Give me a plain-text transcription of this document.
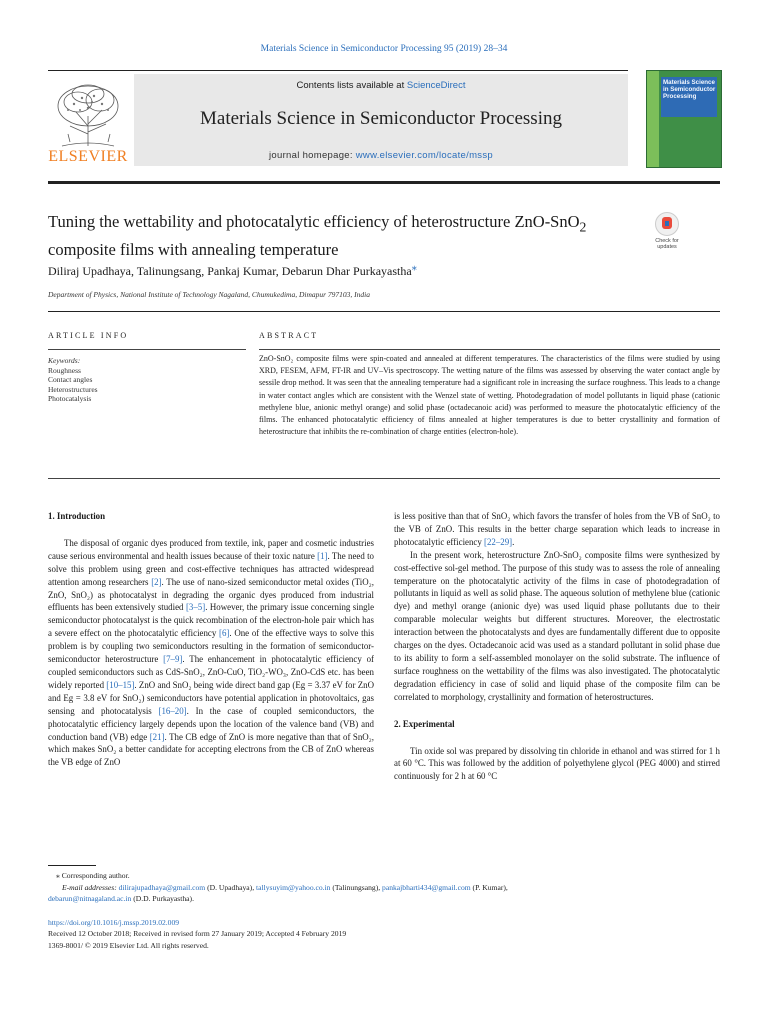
Materials Science in Semiconductor Processing 95 (2019) 28–34
ELSEVIER
Contents lists available at ScienceDirect
Materials Science in Semiconductor Processing
journal homepage: www.elsevier.com/locate/mssp
Materials Science in Semiconductor Processing
Tuning the wettability and photocatalytic efficiency of heterostructure ZnO-SnO$_2$ composite films with annealing temperature	Check for updates
Diliraj Upadhaya, Talinungsang, Pankaj Kumar, Debarun Dhar Purkayastha⁎
Department of Physics, National Institute of Technology Nagaland, Chumukedima, Dimapur 797103, India
ARTICLE INFO	ABSTRACT
Keywords:
Roughness
Contact angles
Heterostructures
Photocatalysis
ZnO-SnO₂ composite films were spin-coated and annealed at different temperatures. The characteristics of the films were studied by using XRD, FESEM, AFM, FT-IR and UV–Vis spectroscopy. The wetting nature of the films was assessed by observing the water contact angle by sessile drop method. It was seen that the annealing temperature had a significant role in increasing the surface roughness. This leads to a change in water contact angles which are consistent with the Wenzel state of wetting. Photodegradation of model pollutants in liquid phase (cationic methylene blue, anionic methyl orange) and solid phase (octadecanoic acid) was performed to measure the photocatalytic efficiency of the films. The enhanced photocatalytic efficiency of films annealed at higher temperatures is due to better crystallinity and formation of heterostructure that inhibits the re-combination of charge entities (electron-hole).
1. Introduction

The disposal of organic dyes produced from textile, ink, paper and cosmetic industries cause serious environmental and health issues because of their toxic nature [1]. The need to solve this problem using green and cost-effective techniques has attracted widespread attention among researchers [2]. The use of nano-sized semiconductor metal oxides (TiO₂, ZnO, SnO₂) as photocatalyst in degrading the organic dyes produced from industrial effluents has been extensively studied [3–5]. However, the primary issue concerning single semiconductor photocatalyst is the quick recombination of the electron-hole pair which has a severe effect on the photocatalytic efficiency [6]. One of the effective ways to solve this problem is by coupling two semiconductors resulting in the formation of semiconductor-semiconductor heterostructure [7–9]. The enhancement in photocatalytic efficiency of coupled semiconductors such as CdS-SnO₂, ZnO-CuO, TiO₂-WO₃, ZnO-CdS etc. has been widely reported [10–15]. ZnO and SnO₂ being wide direct band gap (Eg = 3.37 eV for ZnO and Eg = 3.8 eV for SnO₂) semiconductors have potential application in photovoltaics, gas sensing and photocatalysis [16–20]. In the case of coupled semiconductors, the photocatalytic efficiency largely depends upon the location of the valence band (VB) and conduction band (VB) edge [21]. The CB edge of ZnO is more negative than that of SnO₂, which makes SnO₂ a better candidate for accepting electrons from the CB of ZnO whereas the VB edge of ZnO

is less positive than that of SnO₂ which favors the transfer of holes from the VB of SnO₂ to the VB of ZnO. This results in the better charge separation which leads to increase in photocatalytic efficiency [22–29].

In the present work, heterostructure ZnO-SnO₂ composite films were synthesized by cost-effective sol-gel method. The purpose of this study was to assess the role of annealing temperature on the photocatalytic activity of the films in case of photodegradation of pollutants in liquid as well as solid phase. The aqueous solution of methylene blue (cationic dye) and methyl orange (anionic dye) was used liquid phase pollutants due to their comparable molecular weights but different structures. Moreover, the electrostatic interaction between the photocatalysts and dyes are fundamentally different due to opposite charges on the dyes. Octadecanoic acid was used as a standard pollutant in solid phase due to its ability to form a self-assembled monolayer on the solid substrate. The influence of surface roughness on the wettability of the films was also investigated. The photocatalytic degradation efficiency in case of solid and liquid phase of the composite film can be correlated to morphology, crystallinity and formation of heterostructures.

2. Experimental

Tin oxide sol was prepared by dissolving tin chloride in ethanol and was stirred for 1 h at 60 °C. This was followed by the addition of polyethylene glycol (PEG 4000) and stirred continuously for 2 h at 60 °C

⁎ Corresponding author.
E-mail addresses: dilirajupadhaya@gmail.com (D. Upadhaya), tallysuyim@yahoo.co.in (Talinungsang), pankajbharti434@gmail.com (P. Kumar),
debarun@nitnagaland.ac.in (D.D. Purkayastha).
https://doi.org/10.1016/j.mssp.2019.02.009
Received 12 October 2018; Received in revised form 27 January 2019; Accepted 4 February 2019
1369-8001/ © 2019 Elsevier Ltd. All rights reserved.
